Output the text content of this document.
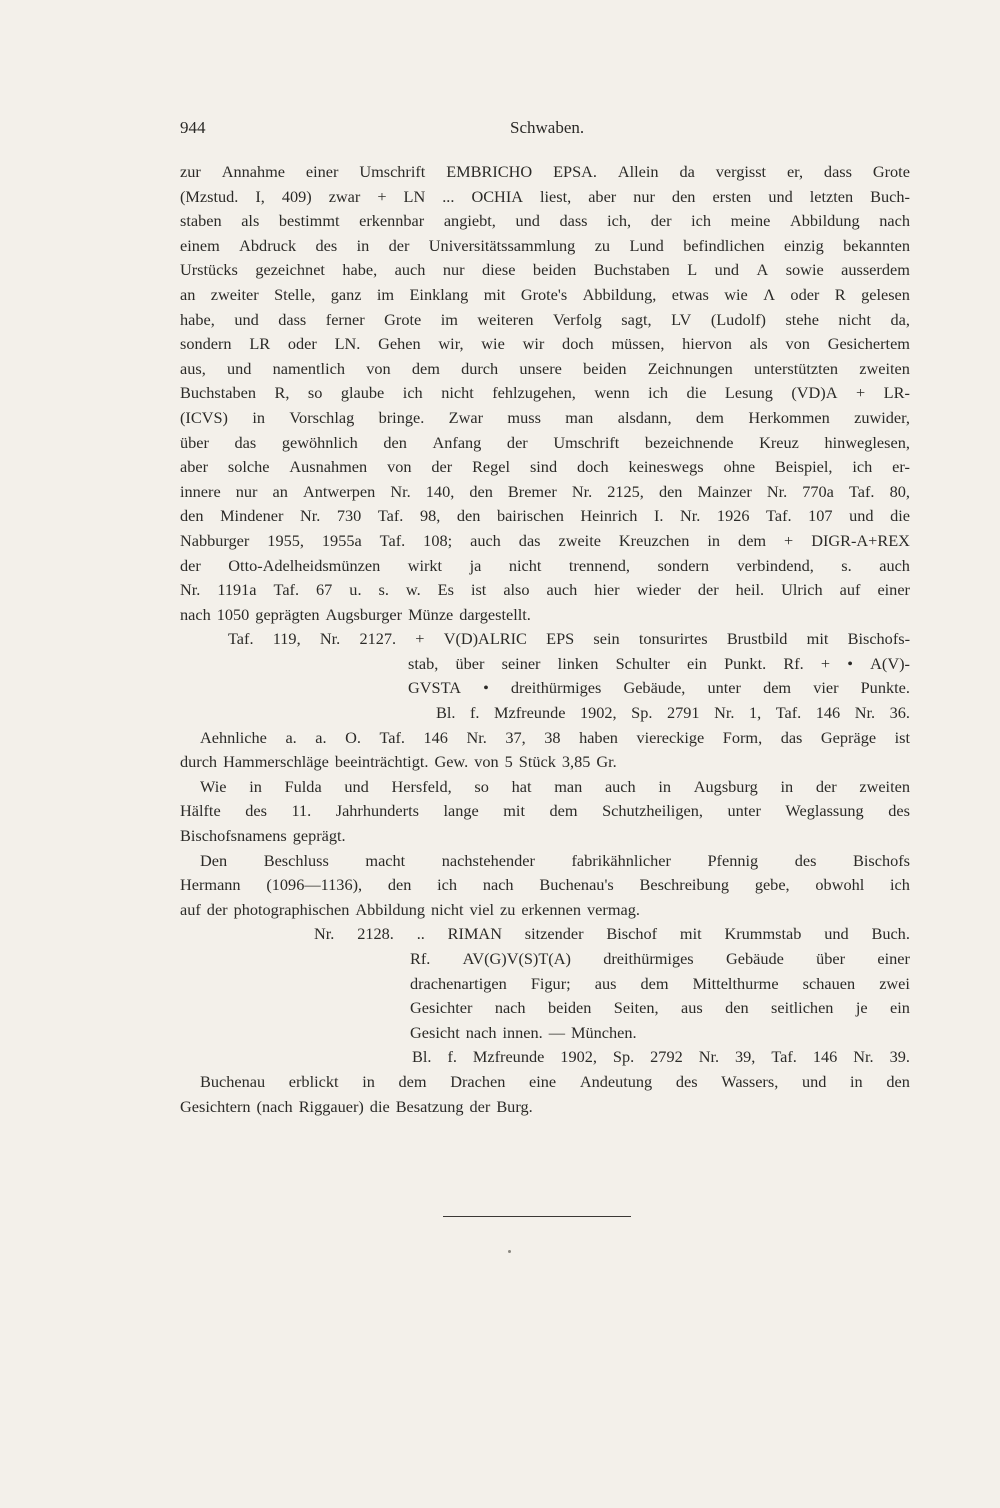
944	Schwaben.
zur Annahme einer Umschrift EMBRICHO EPSA. Allein da vergisst er, dass Grote
(Mzstud. I, 409) zwar + LN ... OCHIA liest, aber nur den ersten und letzten Buch-
staben als bestimmt erkennbar angiebt, und dass ich, der ich meine Abbildung nach
einem Abdruck des in der Universitätssammlung zu Lund befindlichen einzig bekannten
Urstücks gezeichnet habe, auch nur diese beiden Buchstaben L und A sowie ausserdem
an zweiter Stelle, ganz im Einklang mit Grote's Abbildung, etwas wie Λ oder R gelesen
habe, und dass ferner Grote im weiteren Verfolg sagt, LV (Ludolf) stehe nicht da,
sondern LR oder LN. Gehen wir, wie wir doch müssen, hiervon als von Gesichertem
aus, und namentlich von dem durch unsere beiden Zeichnungen unterstützten zweiten
Buchstaben R, so glaube ich nicht fehlzugehen, wenn ich die Lesung (VD)A + LR-
(ICVS) in Vorschlag bringe. Zwar muss man alsdann, dem Herkommen zuwider,
über das gewöhnlich den Anfang der Umschrift bezeichnende Kreuz hinweglesen,
aber solche Ausnahmen von der Regel sind doch keineswegs ohne Beispiel, ich er-
innere nur an Antwerpen Nr. 140, den Bremer Nr. 2125, den Mainzer Nr. 770a Taf. 80,
den Mindener Nr. 730 Taf. 98, den bairischen Heinrich I. Nr. 1926 Taf. 107 und die
Nabburger 1955, 1955a Taf. 108; auch das zweite Kreuzchen in dem + DIGR-A+REX
der Otto-Adelheidsmünzen wirkt ja nicht trennend, sondern verbindend, s. auch
Nr. 1191a Taf. 67 u. s. w. Es ist also auch hier wieder der heil. Ulrich auf einer
nach 1050 geprägten Augsburger Münze dargestellt.
Taf. 119, Nr. 2127. + V(D)ALRIC EPS sein tonsurirtes Brustbild mit Bischofs-
stab, über seiner linken Schulter ein Punkt. Rf. + • A(V)-
GVSTA • dreithürmiges Gebäude, unter dem vier Punkte.
Bl. f. Mzfreunde 1902, Sp. 2791 Nr. 1, Taf. 146 Nr. 36.
Aehnliche a. a. O. Taf. 146 Nr. 37, 38 haben viereckige Form, das Gepräge ist
durch Hammerschläge beeinträchtigt. Gew. von 5 Stück 3,85 Gr.
Wie in Fulda und Hersfeld, so hat man auch in Augsburg in der zweiten
Hälfte des 11. Jahrhunderts lange mit dem Schutzheiligen, unter Weglassung des
Bischofsnamens geprägt.
Den Beschluss macht nachstehender fabrikähnlicher Pfennig des Bischofs
Hermann (1096—1136), den ich nach Buchenau's Beschreibung gebe, obwohl ich
auf der photographischen Abbildung nicht viel zu erkennen vermag.
Nr. 2128. .. RIMAN sitzender Bischof mit Krummstab und Buch.
Rf. AV(G)V(S)T(A) dreithürmiges Gebäude über einer
drachenartigen Figur; aus dem Mittelthurme schauen zwei
Gesichter nach beiden Seiten, aus den seitlichen je ein
Gesicht nach innen. — München.
Bl. f. Mzfreunde 1902, Sp. 2792 Nr. 39, Taf. 146 Nr. 39.
Buchenau erblickt in dem Drachen eine Andeutung des Wassers, und in den
Gesichtern (nach Riggauer) die Besatzung der Burg.
